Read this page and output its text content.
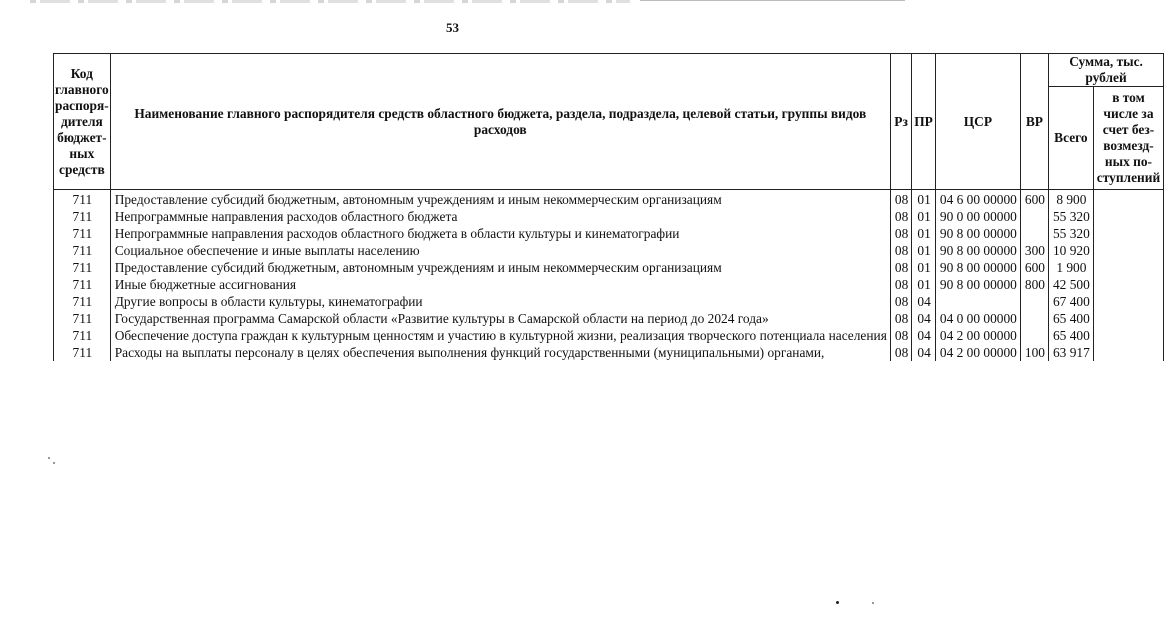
53
Код главного распоря-дителя бюджет-ных средств	Наименование главного распорядителя средств областного бюджета, раздела, подраздела, целевой статьи, группы видов расходов	Рз	ПР	ЦСР	ВР	Сумма, тыс. рублей	
						Всего	в том числе за счет без-возмезд-ных по-ступлений
711	Предоставление субсидий бюджетным, автономным учреждениям и иным некоммерческим организациям	08	01	04 6 00 00000	600	8 900	
711	Непрограммные направления расходов областного бюджета	08	01	90 0 00 00000		55 320	
711	Непрограммные направления расходов областного бюджета в области культуры и кинематографии	08	01	90 8 00 00000		55 320	
711	Социальное обеспечение и иные выплаты населению	08	01	90 8 00 00000	300	10 920	
711	Предоставление субсидий бюджетным, автономным учреждениям и иным некоммерческим организациям	08	01	90 8 00 00000	600	1 900	
711	Иные бюджетные ассигнования	08	01	90 8 00 00000	800	42 500	
711	Другие вопросы в области культуры, кинематографии	08	04			67 400	
711	Государственная программа Самарской области «Развитие культуры в Самарской области на период до 2024 года»	08	04	04 0 00 00000		65 400	
711	Обеспечение доступа граждан к культурным ценностям и участию в культурной жизни, реализация творческого потенциала населения	08	04	04 2 00 00000		65 400	
711	Расходы на выплаты персоналу в целях обеспечения выполнения функций государственными (муниципальными) органами,	08	04	04 2 00 00000	100	63 917	
